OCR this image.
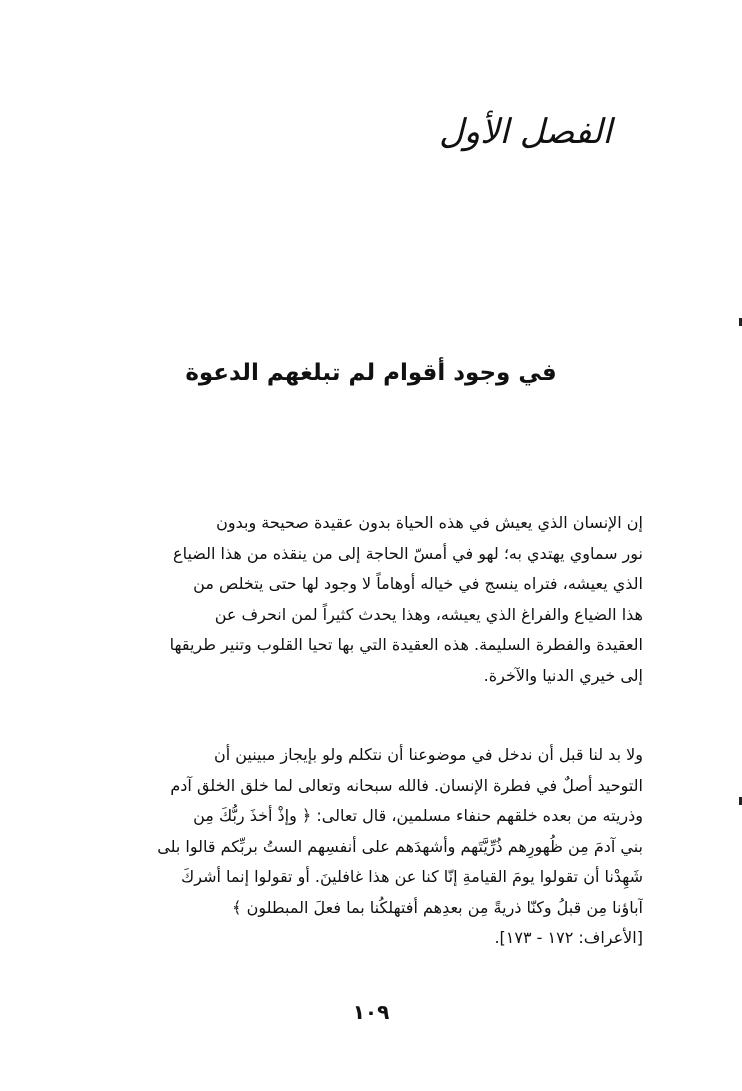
الفصل الأول
في وجود أقوام لم تبلغهم الدعوة
إن الإنسان الذي يعيش في هذه الحياة بدون عقيدة صحيحة وبدون
نور سماوي يهتدي به؛ لهو في أمسّ الحاجة إلى من ينقذه من هذا الضياع
الذي يعيشه، فتراه ينسج في خياله أوهاماً لا وجود لها حتى يتخلص من
هذا الضياع والفراغ الذي يعيشه، وهذا يحدث كثيراً لمن انحرف عن
العقيدة والفطرة السليمة. هذه العقيدة التي بها تحيا القلوب وتنير طريقها
إلى خيري الدنيا والآخرة.
ولا بد لنا قبل أن ندخل في موضوعنا أن نتكلم ولو بإيجاز مبينين أن
التوحيد أصلٌ في فطرة الإنسان. فالله سبحانه وتعالى لما خلق الخلق آدم
وذريته من بعده خلقهم حنفاء مسلمين، قال تعالى: ﴿ وإذْ أخذَ ربُّكَ مِن
بني آدمَ مِن ظُهورِهم ذُرِّيَّتَهم وأشهدَهم على أنفسِهم الستُ بربِّكم قالوا بلى
شَهِدْنا أن تقولوا يومَ القيامةِ إنّا كنا عن هذا غافلينَ. أو تقولوا إنما أشركَ
آباؤنا مِن قبلُ وكنّا ذريةً مِن بعدِهم أفتهلكُنا بما فعلَ المبطلون ﴾
[الأعراف: ١٧٢ - ١٧٣].
١٠٩
